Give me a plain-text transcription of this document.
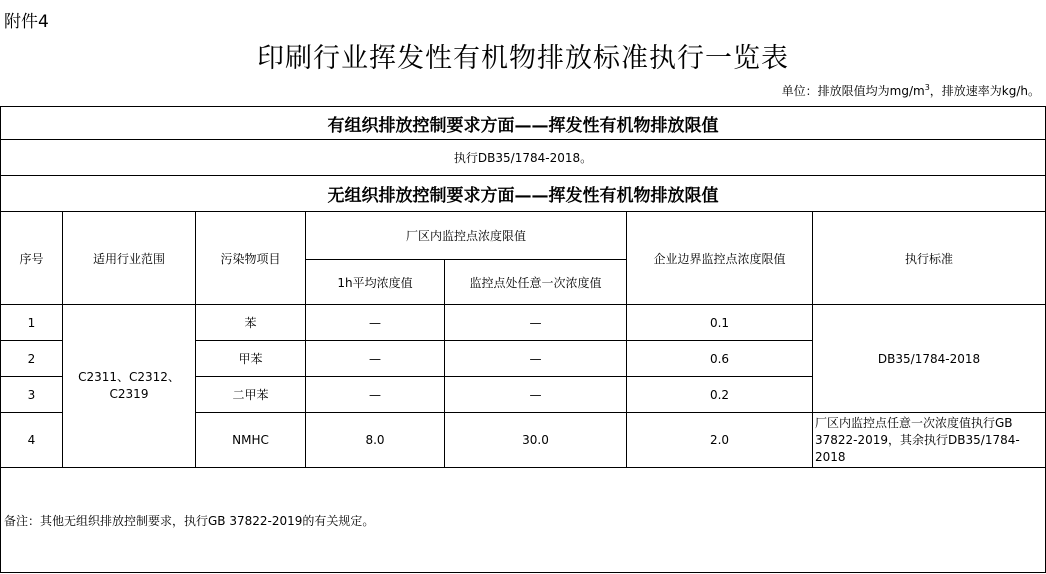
附件4
印刷行业挥发性有机物排放标准执行一览表
单位：排放限值均为$mg/m^3$，排放速率为kg/h。
有组织排放控制要求方面——挥发性有机物排放限值						
执行DB35/1784-2018。						
无组织排放控制要求方面——挥发性有机物排放限值						
序号	适用行业范围	污染物项目	厂区内监控点浓度限值		企业边界监控点浓度限值	执行标准
			1h平均浓度值	监控点处任意一次浓度值		
1	C2311、C2312、C2319	苯	—	—	0.1	DB35/1784-2018
2		甲苯	—	—	0.6	
3		二甲苯	—	—	0.2	
4		NMHC	8.0	30.0	2.0	厂区内监控点任意一次浓度值执行GB 37822-2019，其余执行DB35/1784-2018
备注：其他无组织排放控制要求，执行GB 37822-2019的有关规定。						
